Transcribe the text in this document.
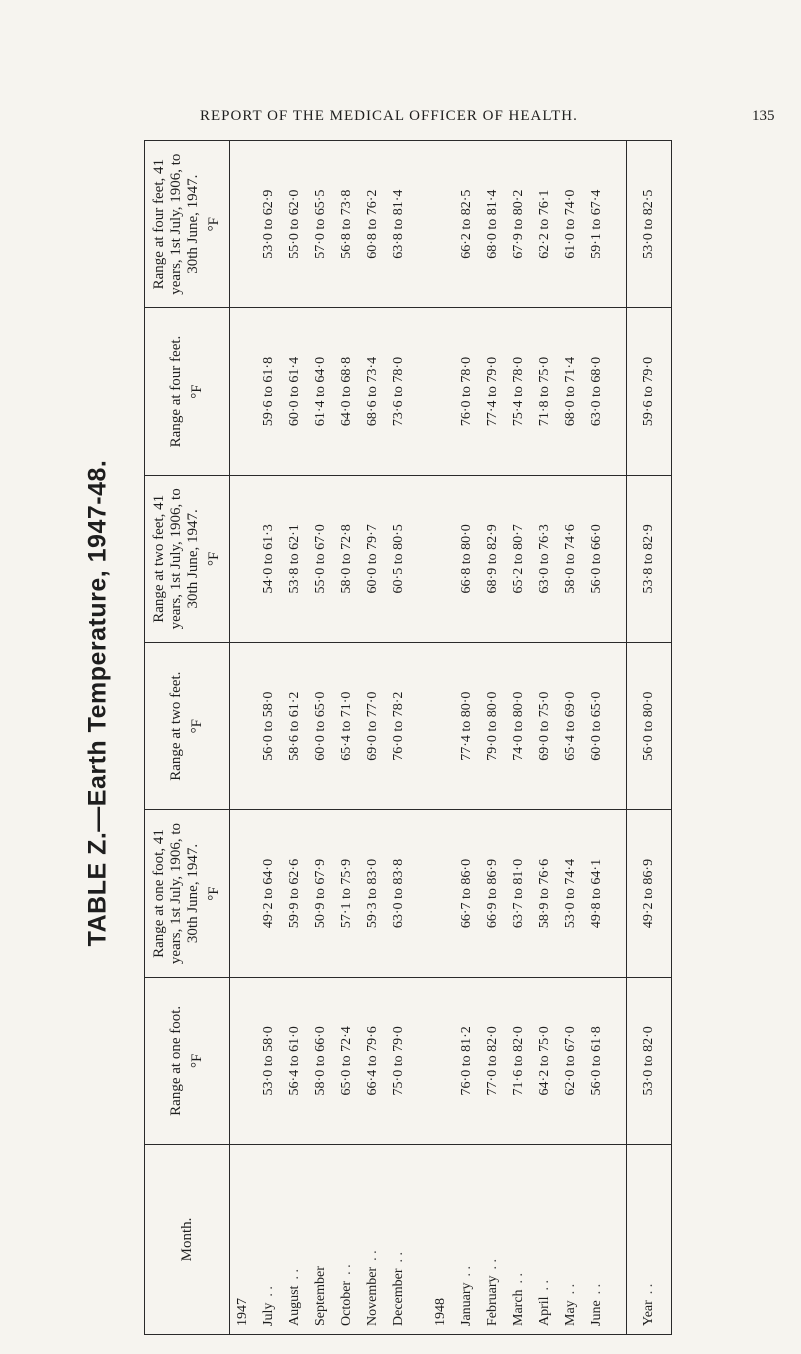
REPORT OF THE MEDICAL OFFICER OF HEALTH.	135
TABLE Z.—Earth Temperature, 1947-48.
Month.	Range at one foot. °F	Range at one foot, 41 years, 1st July, 1906, to 30th June, 1947. °F	Range at two feet. °F	Range at two feet, 41 years, 1st July, 1906, to 30th June, 1947. °F	Range at four feet. °F	Range at four feet, 41 years, 1st July, 1906, to 30th June, 1947. °F

1947						
July. .	53·0 to 58·0	49·2 to 64·0	56·0 to 58·0	54·0 to 61·3	59·6 to 61·8	53·0 to 62·9
August. .	56·4 to 61·0	59·9 to 62·6	58·6 to 61·2	53·8 to 62·1	60·0 to 61·4	55·0 to 62·0
September	58·0 to 66·0	50·9 to 67·9	60·0 to 65·0	55·0 to 67·0	61·4 to 64·0	57·0 to 65·5
October. .	65·0 to 72·4	57·1 to 75·9	65·4 to 71·0	58·0 to 72·8	64·0 to 68·8	56·8 to 73·8
November. .	66·4 to 79·6	59·3 to 83·0	69·0 to 77·0	60·0 to 79·7	68·6 to 73·4	60·8 to 76·2
December. .	75·0 to 79·0	63·0 to 83·8	76·0 to 78·2	60·5 to 80·5	73·6 to 78·0	63·8 to 81·4

1948						
January. .	76·0 to 81·2	66·7 to 86·0	77·4 to 80·0	66·8 to 80·0	76·0 to 78·0	66·2 to 82·5
February. .	77·0 to 82·0	66·9 to 86·9	79·0 to 80·0	68·9 to 82·9	77·4 to 79·0	68·0 to 81·4
March. .	71·6 to 82·0	63·7 to 81·0	74·0 to 80·0	65·2 to 80·7	75·4 to 78·0	67·9 to 80·2
April. .	64·2 to 75·0	58·9 to 76·6	69·0 to 75·0	63·0 to 76·3	71·8 to 75·0	62·2 to 76·1
May. .	62·0 to 67·0	53·0 to 74·4	65·4 to 69·0	58·0 to 74·6	68·0 to 71·4	61·0 to 74·0
June. .	56·0 to 61·8	49·8 to 64·1	60·0 to 65·0	56·0 to 66·0	63·0 to 68·0	59·1 to 67·4

Year. .	53·0 to 82·0	49·2 to 86·9	56·0 to 80·0	53·8 to 82·9	59·6 to 79·0	53·0 to 82·5
